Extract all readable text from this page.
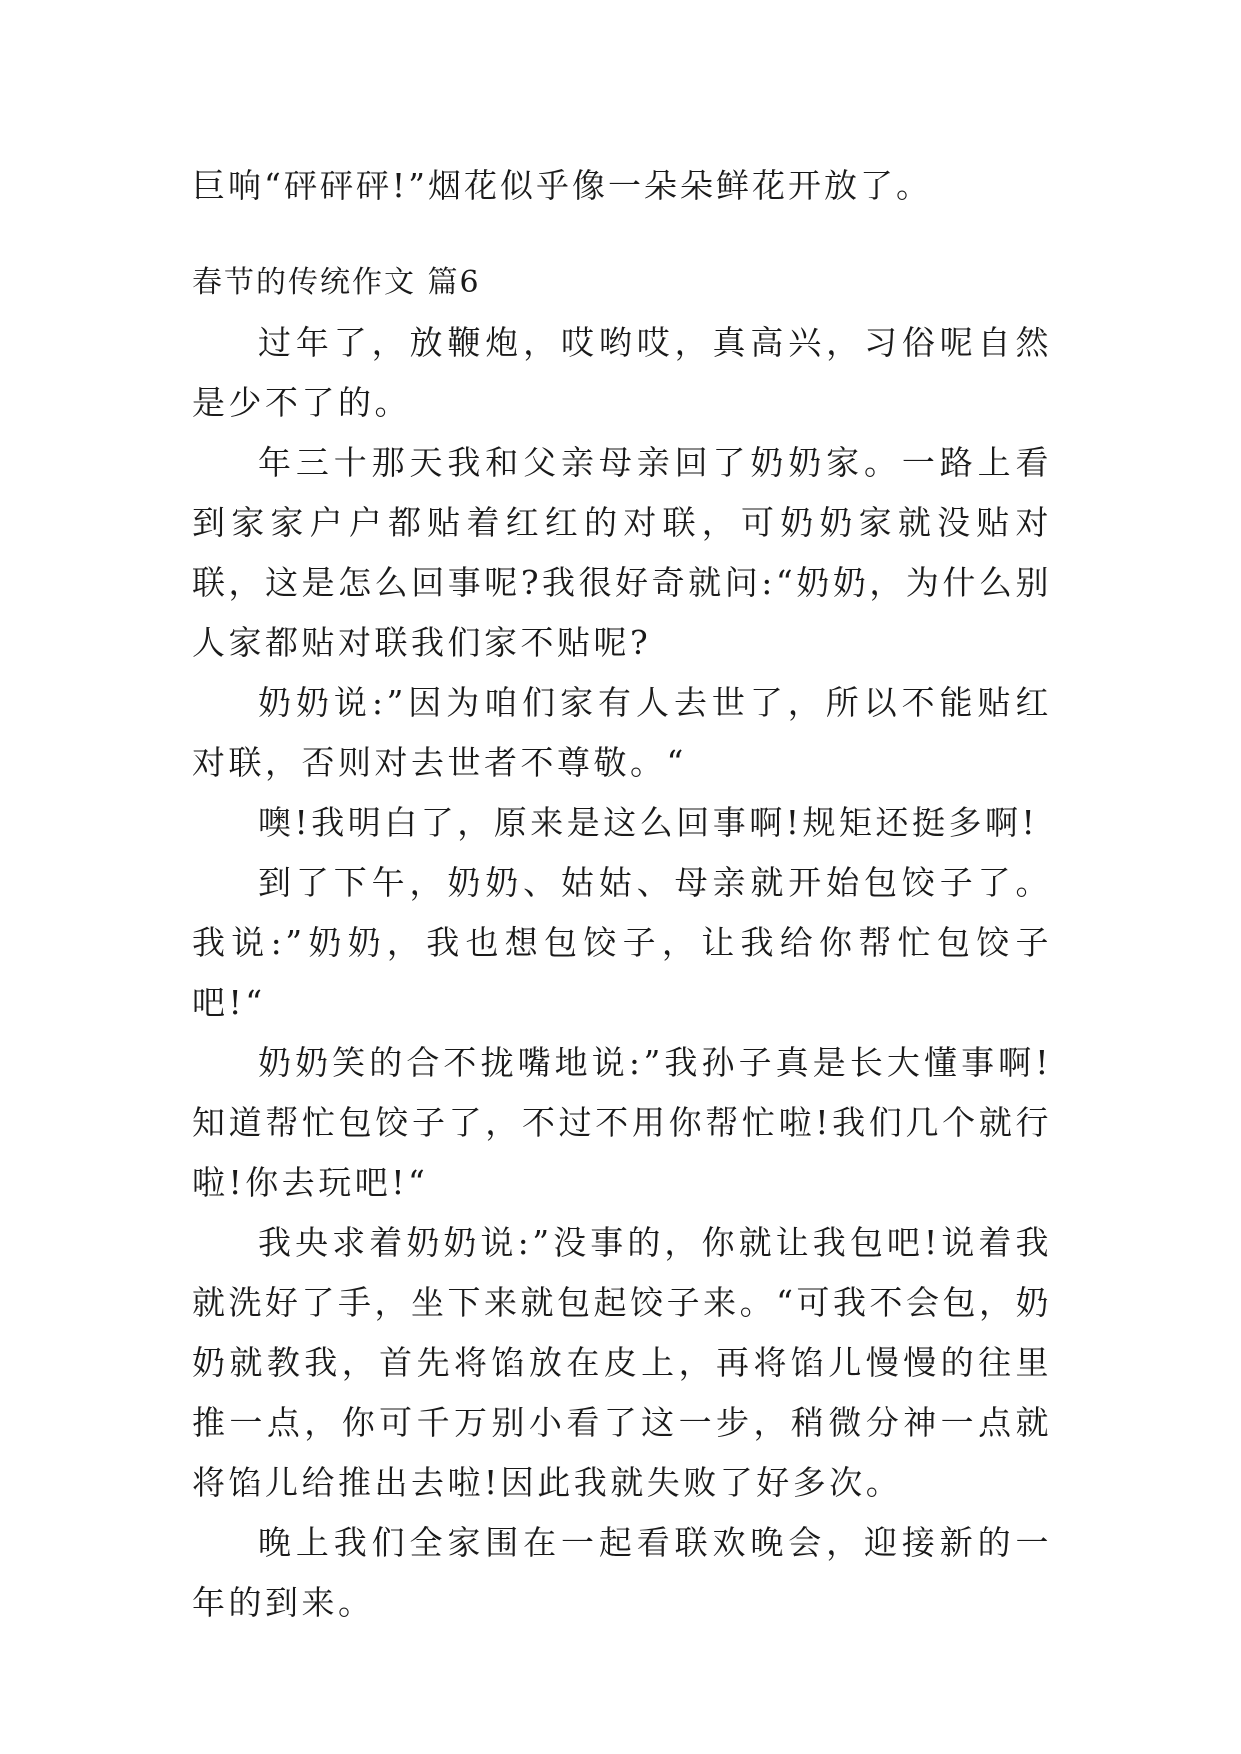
巨响“砰砰砰!”烟花似乎像一朵朵鲜花开放了。

春节的传统作文 篇6

过年了，放鞭炮，哎哟哎，真高兴，习俗呢自然是少不了的。

年三十那天我和父亲母亲回了奶奶家。一路上看到家家户户都贴着红红的对联，可奶奶家就没贴对联，这是怎么回事呢?我很好奇就问:“奶奶，为什么别人家都贴对联我们家不贴呢?

奶奶说:”因为咱们家有人去世了，所以不能贴红对联，否则对去世者不尊敬。“

噢!我明白了，原来是这么回事啊!规矩还挺多啊!

到了下午，奶奶、姑姑、母亲就开始包饺子了。我说:”奶奶，我也想包饺子，让我给你帮忙包饺子吧!“

奶奶笑的合不拢嘴地说:”我孙子真是长大懂事啊!知道帮忙包饺子了，不过不用你帮忙啦!我们几个就行啦!你去玩吧!“

我央求着奶奶说:”没事的，你就让我包吧!说着我就洗好了手，坐下来就包起饺子来。“可我不会包，奶奶就教我，首先将馅放在皮上，再将馅儿慢慢的往里推一点，你可千万别小看了这一步，稍微分神一点就将馅儿给推出去啦!因此我就失败了好多次。

晚上我们全家围在一起看联欢晚会，迎接新的一年的到来。
